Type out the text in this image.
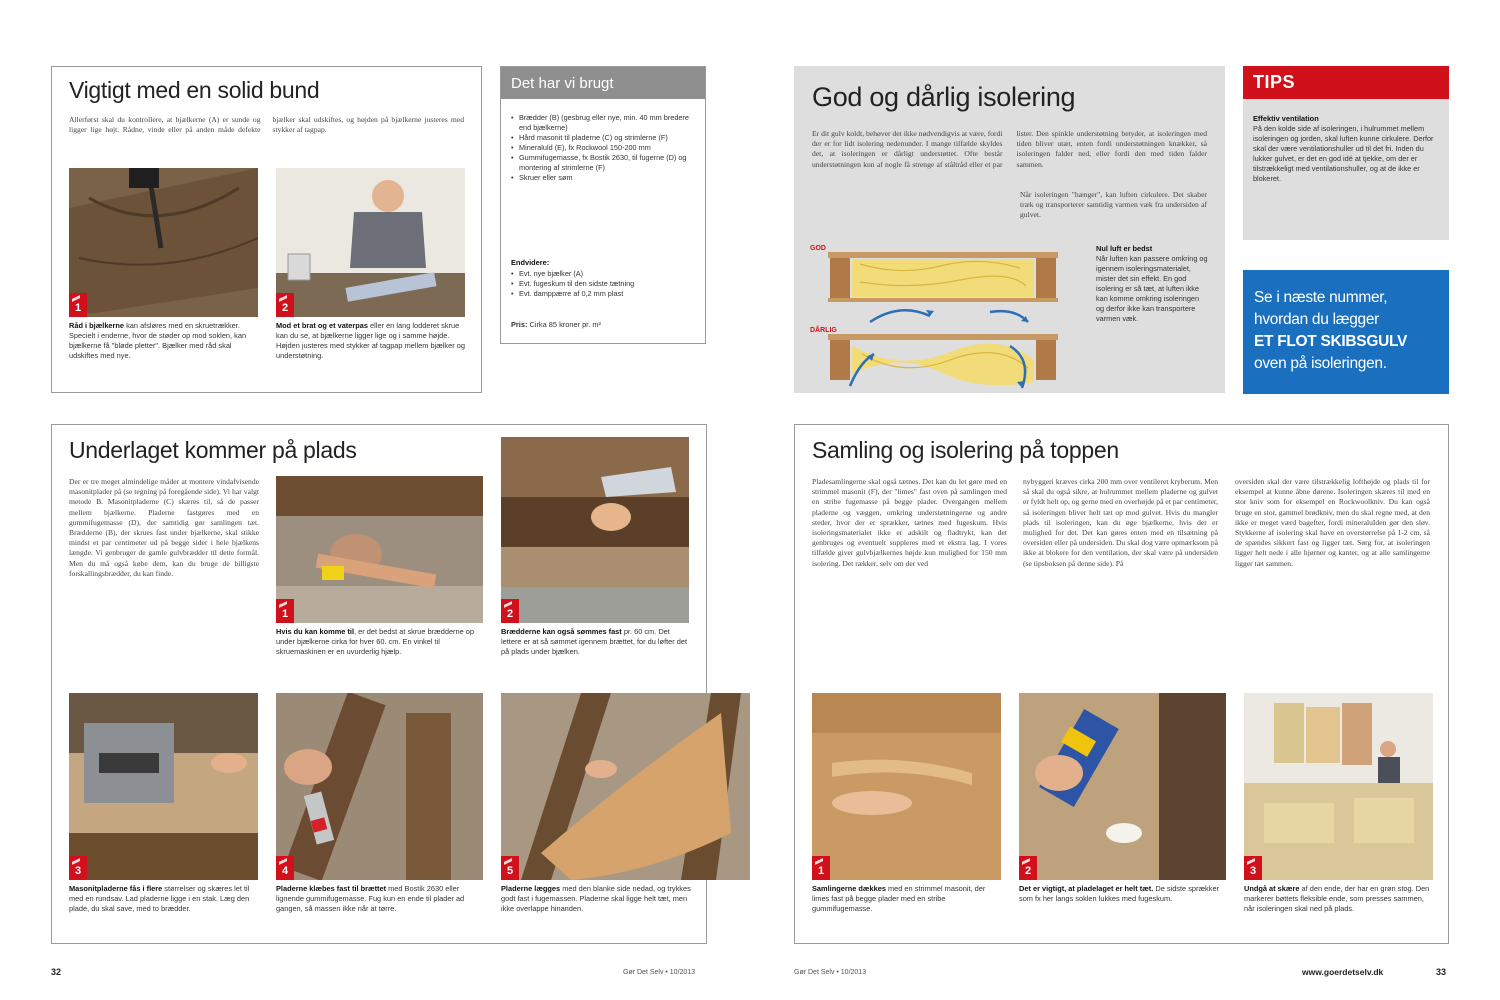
Vigtigt med en solid bund
Allerførst skal du kontrollere, at bjælkerne (A) er sunde og ligger lige højt. Rådne, vinde eller på anden måde defekte bjælker skal udskiftes, og højden på bjælkerne justeres med stykker af tagpap.
1
Råd i bjælkerne kan afsløres med en skruetrækker. Specielt i enderne, hvor de støder op mod soklen, kan bjælkerne få "bløde pletter". Bjælker med råd skal udskiftes med nye.
2
Mod et brat og et vaterpas eller en lang lodderet skrue kan du se, at bjælkerne ligger lige og i samme højde. Højden justeres med stykker af tagpap mellem bjælker og understøtning.
Det har vi brugt
• Brædder (B) (gesbrug eller nye, min. 40 mm bredere end bjælkerne)
• Hård masonit til pladerne (C) og strimlerne (F)
• Mineraluld (E), fx Rockwool 150-200 mm
• Gummifugemasse, fx Bostik 2630, til fugerne (D) og montering af strimlerne (F)
• Skruer eller søm
Endvidere:
• Evt. nye bjælker (A)
• Evt. fugeskum til den sidste tætning
• Evt. damppærre af 0,2 mm plast
Pris: Cirka 85 kroner pr. m²
Underlaget kommer på plads
Der er tre meget almindelige måder at montere vindafvisende masonitplader på (se tegning på foregående side). Vi har valgt metode B. Masonitpladerne (C) skæres til, så de passer mellem bjælkerne. Pladerne fastgøres med en gummifugemasse (D), der samtidig gør samlingen tæt. Brædderne (B), der skrues fast under bjælkerne, skal stikke mindst et par centimeter ud på begge sider i hele bjælkens længde. Vi genbruger de gamle gulvbrædder til dette formål. Men du må også købe dem, kan du bruge de billigste forskallingsbrædder, du kan finde.
1
Hvis du kan komme til, er det bedst at skrue brædderne op under bjælkerne cirka for hver 60. cm. En vinkel til skruemaskinen er en uvurderlig hjælp.
2
Brædderne kan også sømmes fast pr. 60 cm. Det lettere er at så sømmet igennem brættet, for du løfter det på plads under bjælken.
3
Masonitpladerne fås i flere størrelser og skæres let til med en rundsav. Lad pladerne ligge i en stak. Læg den plade, du skal save, med to brædder.
4
Pladerne klæbes fast til brættet med Bostik 2630 eller lignende gummifugemasse. Fug kun en ende til plader ad gangen, så massen ikke når at tørre.
5
Pladerne lægges med den blanke side nedad, og trykkes godt fast i fugemassen. Pladerne skal ligge helt tæt, men ikke overlappe hinanden.
God og dårlig isolering
Er dit gulv koldt, behøver det ikke nødvendigvis at være, fordi der er for lidt isolering nedenunder. I mange tilfælde skyldes det, at isoleringen er dårligt understøttet. Ofte består understøtningen kun af nogle få strenge af ståltråd eller et par lister. Den spinkle understøtning betyder, at isoleringen med tiden bliver utæt, enten fordi understøtningen knækker, så isoleringen falder ned, eller fordi den med tiden falder sammen.
Når isoleringen "hænger", kan luften cirkulere. Det skaber træk og transporterer samtidig varmen væk fra undersiden af gulvet.
GOD
DÅRLIG
Nul luft er bedst
Når luften kan passere omkring og igennem isoleringsmaterialet, mister det sin effekt. En god isolering er så tæt, at luften ikke kan komme omkring isoleringen og derfor ikke kan transportere varmen væk.
TIPS
Effektiv ventilation
På den kolde side af isoleringen, i hulrummet mellem isoleringen og jorden, skal luften kunne cirkulere. Derfor skal der være ventilationshuller ud til det fri. Inden du lukker gulvet, er det en god idé at tjekke, om der er tilstrækkeligt med ventilationshuller, og at de ikke er blokeret.
Se i næste nummer,
hvordan du lægger
ET FLOT SKIBSGULV
oven på isoleringen.
Samling og isolering på toppen
Pladesamlingerne skal også tætnes. Det kan du let gøre med en strimmel masonit (F), der "limes" fast oven på samlingen med en stribe fugemasse på begge plader. Overgangen mellem pladerne og væggen, omkring understøtningerne og andre steder, hvor der er sprækker, tætnes med fugeskum. Hvis isoleringsmaterialet ikke er adskilt og fladtrykt, kan det genbruges og eventuelt suppleres med et ekstra lag. I vores tilfælde giver gulvbjælkernes højde kun mulighed for 150 mm isolering. Det rækker, selv om der ved
nybyggeri kræves cirka 200 mm over ventileret kryberum. Men så skal du også sikre, at hulrummet mellem pladerne og gulvet er fyldt helt op, og gerne med en overhøjde på et par centimeter, så isoleringen bliver helt tæt op mod gulvet. Hvis du mangler plads til isoleringen, kan du øge bjælkerne, hvis der er mulighed for det. Det kan gøres enten med en tilsætning på oversiden eller på undersiden. Du skal dog være opmærksom på ikke at blokere for den ventilation, der skal være på undersiden (se tipsboksen på denne side). På
oversiden skal der være tilstrækkelig lofthøjde og plads til for eksempel at kunne åbne dørene. Isoleringen skæres til med en stor kniv som for eksempel en Rockwoolkniv. Du kan også bruge en stor, gammel brødkniv, men du skal regne med, at den ikke er meget værd bagefter, fordi mineraluIden gør den sløv. Stykkerne af isolering skal have en overstørrelse på 1-2 cm, så de spændes sikkert fast og ligger tæt. Sørg for, at isoleringen ligger helt nede i alle hjørner og kanter, og at alle samlingerne ligger tæt sammen.
1
Samlingerne dækkes med en strimmel masonit, der limes fast på begge plader med en stribe gummifugemasse.
2
Det er vigtigt, at pladelaget er helt tæt. De sidste sprækker som fx her langs soklen lukkes med fugeskum.
3
Undgå at skære af den ende, der har en grøn stog. Den markerer bøttets fleksible ende, som presses sammen, når isoleringen skal ned på plads.
32	Gør Det Selv • 10/2013	Gør Det Selv • 10/2013	www.goerdetselv.dk	33
